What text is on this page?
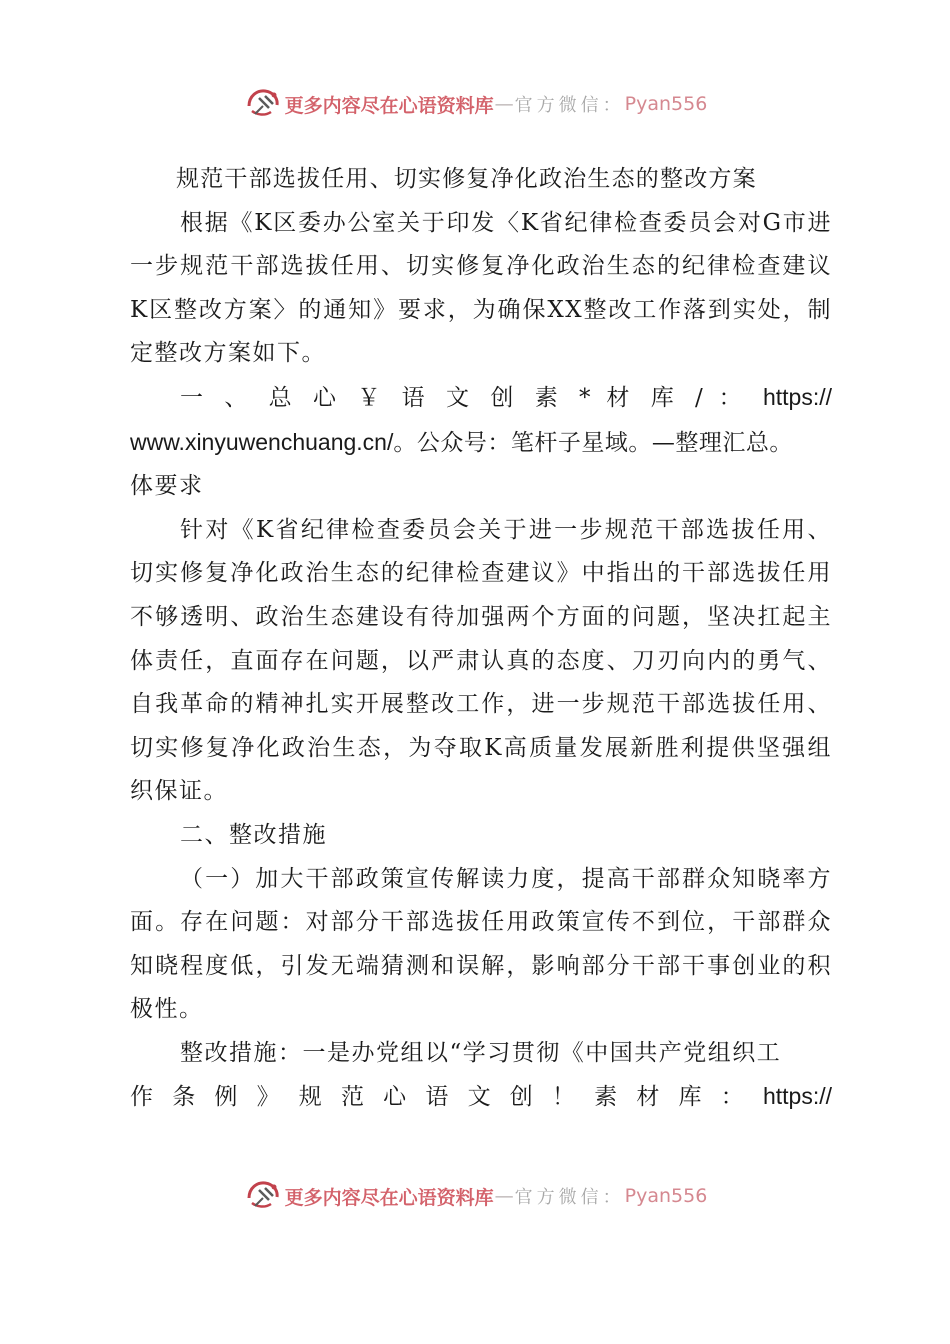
更多内容尽在心语资料库 — 官方微信： Pyan556

规范干部选拔任用、切实修复净化政治生态的整改方案

根据《K区委办公室关于印发〈K省纪律检查委员会对G市进一步规范干部选拔任用、切实修复净化政治生态的纪律检查建议K区整改方案〉的通知》要求，为确保XX整改工作落到实处，制定整改方案如下。

一 、 总 心 ￥ 语 文 创 素 * 材 库 / ： https://

www.xinyuwenchuang.cn/。公众号：笔杆子星域。—整理汇总。

体要求

针对《K省纪律检查委员会关于进一步规范干部选拔任用、切实修复净化政治生态的纪律检查建议》中指出的干部选拔任用不够透明、政治生态建设有待加强两个方面的问题，坚决扛起主体责任，直面存在问题，以严肃认真的态度、刀刃向内的勇气、自我革命的精神扎实开展整改工作，进一步规范干部选拔任用、切实修复净化政治生态，为夺取K高质量发展新胜利提供坚强组织保证。

二、整改措施

（一）加大干部政策宣传解读力度，提高干部群众知晓率方面。存在问题：对部分干部选拔任用政策宣传不到位，干部群众知晓程度低，引发无端猜测和误解，影响部分干部干事创业的积极性。

整改措施：一是办党组以“学习贯彻《中国共产党组织工

作 条 例 》 规 范 心 语 文 创 ！ 素 材 库 ： https://

更多内容尽在心语资料库 — 官方微信： Pyan556
